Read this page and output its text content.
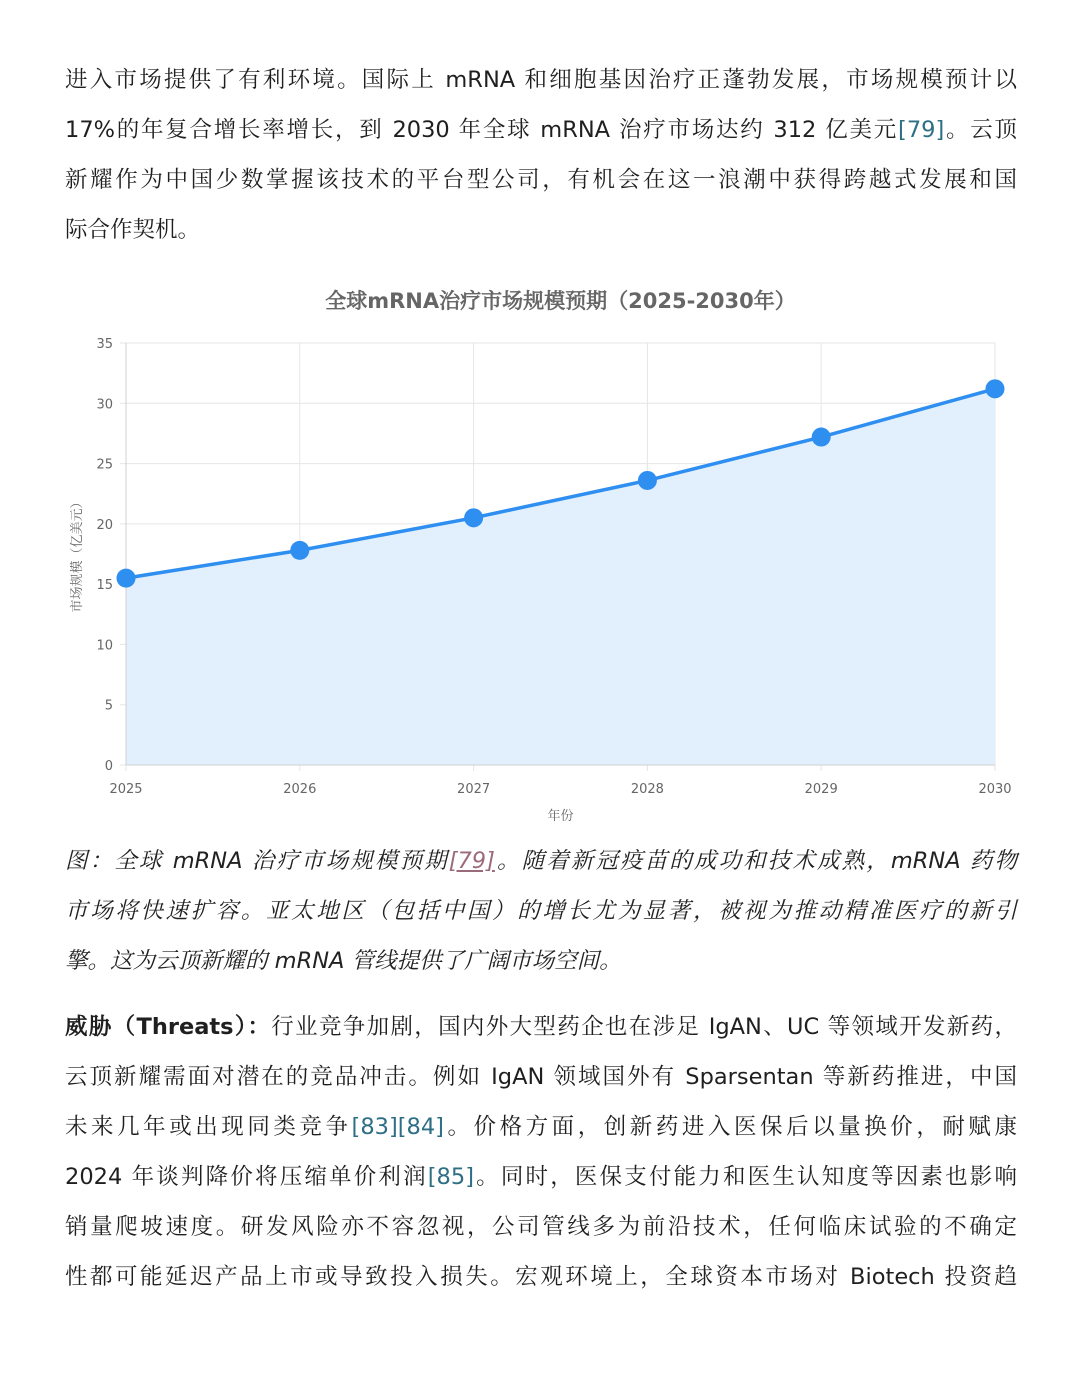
进入市场提供了有利环境。国际上 mRNA 和细胞基因治疗正蓬勃发展，市场规模预计以
17%的年复合增长率增长，到 2030 年全球 mRNA 治疗市场达约 312 亿美元[79]。云顶
新耀作为中国少数掌握该技术的平台型公司，有机会在这一浪潮中获得跨越式发展和国
际合作契机。
全球mRNA治疗市场规模预期（2025-2030年）
0
5
10
15
20
25
30
35
2025	2026	2027	2028	2029	2030
年份
市场规模（亿美元）
图：全球 mRNA 治疗市场规模预期[79]。随着新冠疫苗的成功和技术成熟，mRNA 药物
市场将快速扩容。亚太地区（包括中国）的增长尤为显著，被视为推动精准医疗的新引
擎。这为云顶新耀的 mRNA 管线提供了广阔市场空间。
威胁（Threats）：行业竞争加剧，国内外大型药企也在涉足 IgAN、UC 等领域开发新药，
云顶新耀需面对潜在的竞品冲击。例如 IgAN 领域国外有 Sparsentan 等新药推进，中国
未来几年或出现同类竞争[83][84]。价格方面，创新药进入医保后以量换价，耐赋康
2024 年谈判降价将压缩单价利润[85]。同时，医保支付能力和医生认知度等因素也影响
销量爬坡速度。研发风险亦不容忽视，公司管线多为前沿技术，任何临床试验的不确定
性都可能延迟产品上市或导致投入损失。宏观环境上，全球资本市场对 Biotech 投资趋
